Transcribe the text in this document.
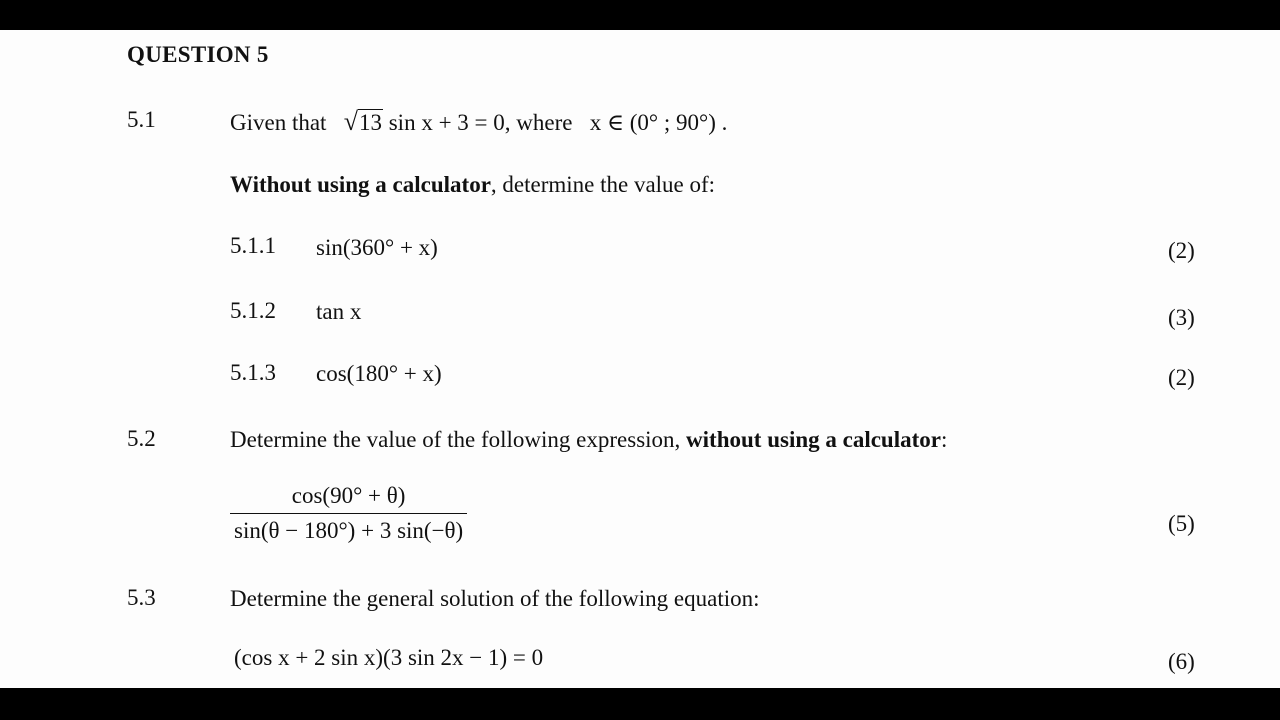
QUESTION 5
5.1	Given that √13 sin x + 3 = 0, where x ∈ (0° ; 90°) .
Without using a calculator, determine the value of:
5.1.1 sin(360° + x)	(2)
5.1.2 tan x	(3)
5.1.3 cos(180° + x)	(2)
5.2	Determine the value of the following expression, without using a calculator:
$\frac{\cos(90^\circ + \theta)}{\sin(\theta - 180^\circ) + 3 \sin(-\theta)}$	(5)
5.3	Determine the general solution of the following equation:
(cos x + 2 sin x)(3 sin 2x − 1) = 0	(6)
